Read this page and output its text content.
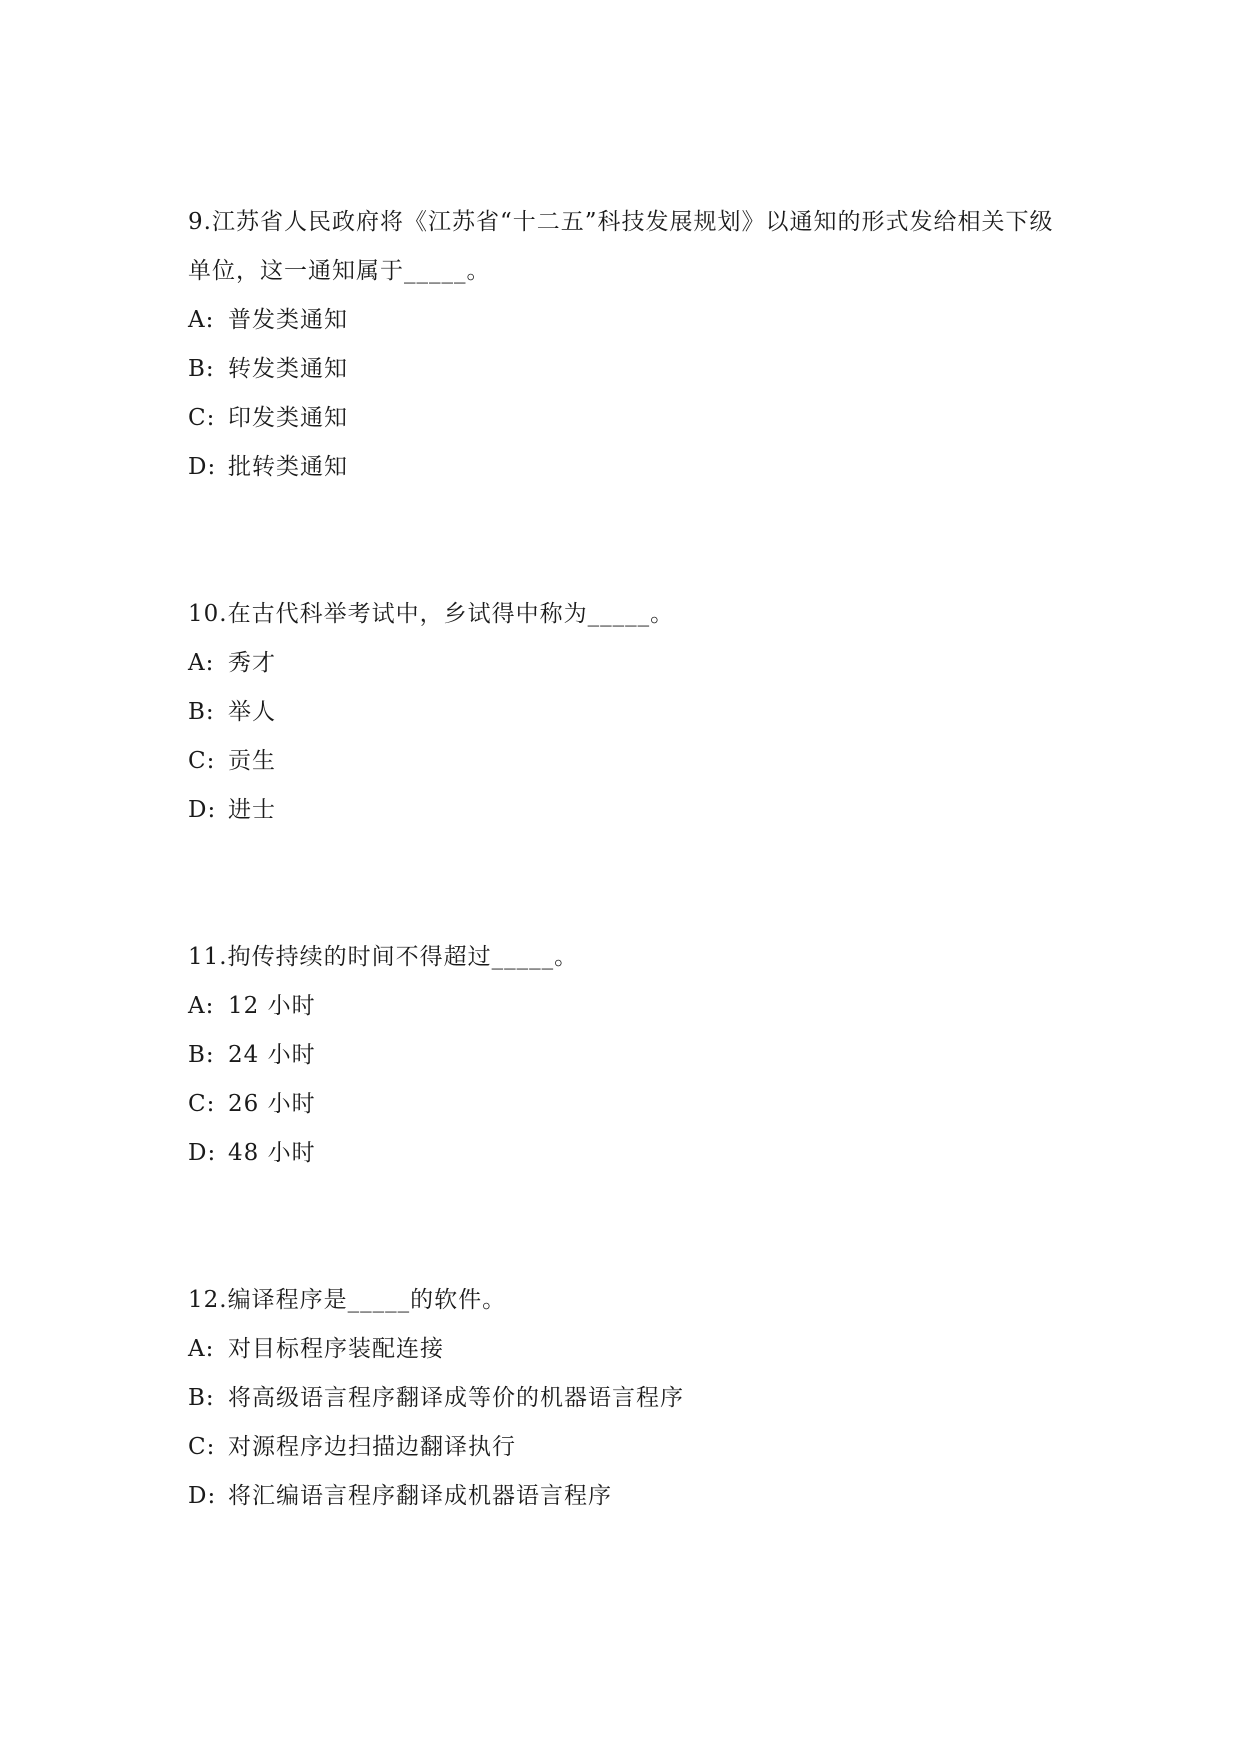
9.江苏省人民政府将《江苏省“十二五”科技发展规划》以通知的形式发给相关下级单位，这一通知属于_____。

A: 普发类通知

B: 转发类通知

C: 印发类通知

D: 批转类通知

10.在古代科举考试中，乡试得中称为_____。

A: 秀才

B: 举人

C: 贡生

D: 进士

11.拘传持续的时间不得超过_____。

A: 12 小时

B: 24 小时

C: 26 小时

D: 48 小时

12.编译程序是_____的软件。

A: 对目标程序装配连接

B: 将高级语言程序翻译成等价的机器语言程序

C: 对源程序边扫描边翻译执行

D: 将汇编语言程序翻译成机器语言程序
